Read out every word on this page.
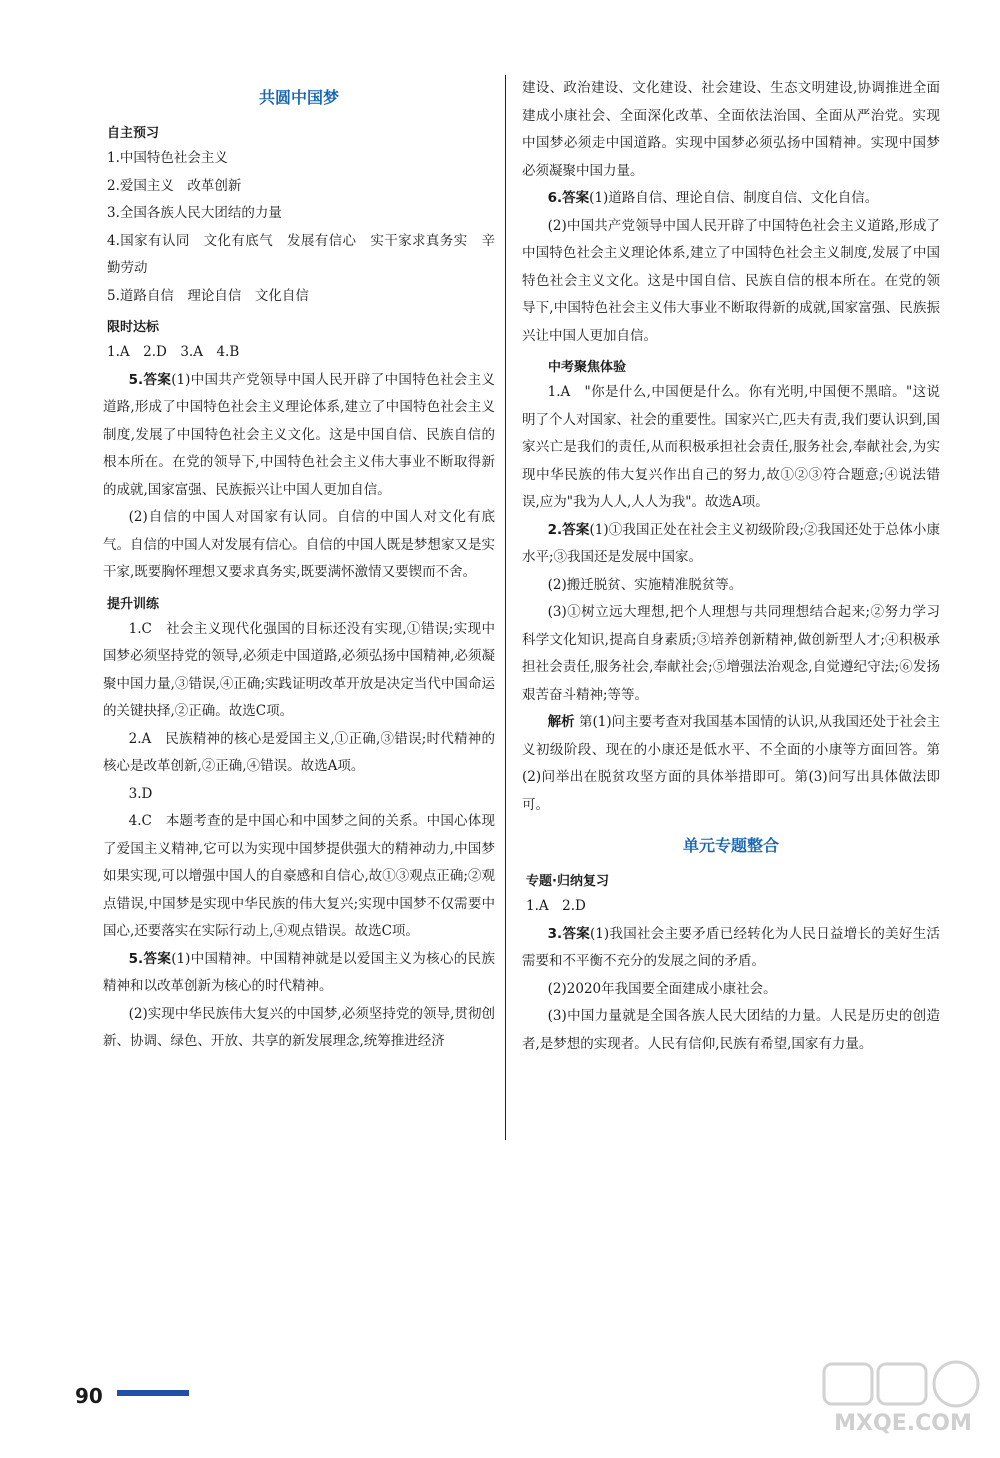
共圆中国梦
自主预习

1.中国特色社会主义

2.爱国主义　改革创新

3.全国各族人民大团结的力量

4.国家有认同　文化有底气　发展有信心　实干家求真务实　辛勤劳动

5.道路自信　理论自信　文化自信

限时达标

1.A　2.D　3.A　4.B

5.答案(1)中国共产党领导中国人民开辟了中国特色社会主义道路,形成了中国特色社会主义理论体系,建立了中国特色社会主义制度,发展了中国特色社会主义文化。这是中国自信、民族自信的根本所在。在党的领导下,中国特色社会主义伟大事业不断取得新的成就,国家富强、民族振兴让中国人更加自信。

(2)自信的中国人对国家有认同。自信的中国人对文化有底气。自信的中国人对发展有信心。自信的中国人既是梦想家又是实干家,既要胸怀理想又要求真务实,既要满怀激情又要锲而不舍。

提升训练

1.C　社会主义现代化强国的目标还没有实现,①错误;实现中国梦必须坚持党的领导,必须走中国道路,必须弘扬中国精神,必须凝聚中国力量,③错误,④正确;实践证明改革开放是决定当代中国命运的关键抉择,②正确。故选C项。

2.A　民族精神的核心是爱国主义,①正确,③错误;时代精神的核心是改革创新,②正确,④错误。故选A项。

3.D

4.C　本题考查的是中国心和中国梦之间的关系。中国心体现了爱国主义精神,它可以为实现中国梦提供强大的精神动力,中国梦如果实现,可以增强中国人的自豪感和自信心,故①③观点正确;②观点错误,中国梦是实现中华民族的伟大复兴;实现中国梦不仅需要中国心,还要落实在实际行动上,④观点错误。故选C项。

5.答案(1)中国精神。中国精神就是以爱国主义为核心的民族精神和以改革创新为核心的时代精神。

(2)实现中华民族伟大复兴的中国梦,必须坚持党的领导,贯彻创新、协调、绿色、开放、共享的新发展理念,统筹推进经济

建设、政治建设、文化建设、社会建设、生态文明建设,协调推进全面建成小康社会、全面深化改革、全面依法治国、全面从严治党。实现中国梦必须走中国道路。实现中国梦必须弘扬中国精神。实现中国梦必须凝聚中国力量。

6.答案(1)道路自信、理论自信、制度自信、文化自信。

(2)中国共产党领导中国人民开辟了中国特色社会主义道路,形成了中国特色社会主义理论体系,建立了中国特色社会主义制度,发展了中国特色社会主义文化。这是中国自信、民族自信的根本所在。在党的领导下,中国特色社会主义伟大事业不断取得新的成就,国家富强、民族振兴让中国人更加自信。

中考聚焦体验

1.A　"你是什么,中国便是什么。你有光明,中国便不黑暗。"这说明了个人对国家、社会的重要性。国家兴亡,匹夫有责,我们要认识到,国家兴亡是我们的责任,从而积极承担社会责任,服务社会,奉献社会,为实现中华民族的伟大复兴作出自己的努力,故①②③符合题意;④说法错误,应为"我为人人,人人为我"。故选A项。

2.答案(1)①我国正处在社会主义初级阶段;②我国还处于总体小康水平;③我国还是发展中国家。

(2)搬迁脱贫、实施精准脱贫等。

(3)①树立远大理想,把个人理想与共同理想结合起来;②努力学习科学文化知识,提高自身素质;③培养创新精神,做创新型人才;④积极承担社会责任,服务社会,奉献社会;⑤增强法治观念,自觉遵纪守法;⑥发扬艰苦奋斗精神;等等。

解析 第(1)问主要考查对我国基本国情的认识,从我国还处于社会主义初级阶段、现在的小康还是低水平、不全面的小康等方面回答。第(2)问举出在脱贫攻坚方面的具体举措即可。第(3)问写出具体做法即可。

单元专题整合
专题·归纳复习

1.A　2.D

3.答案(1)我国社会主要矛盾已经转化为人民日益增长的美好生活需要和不平衡不充分的发展之间的矛盾。

(2)2020年我国要全面建成小康社会。

(3)中国力量就是全国各族人民大团结的力量。人民是历史的创造者,是梦想的实现者。人民有信仰,民族有希望,国家有力量。

90
MXQE.COM
